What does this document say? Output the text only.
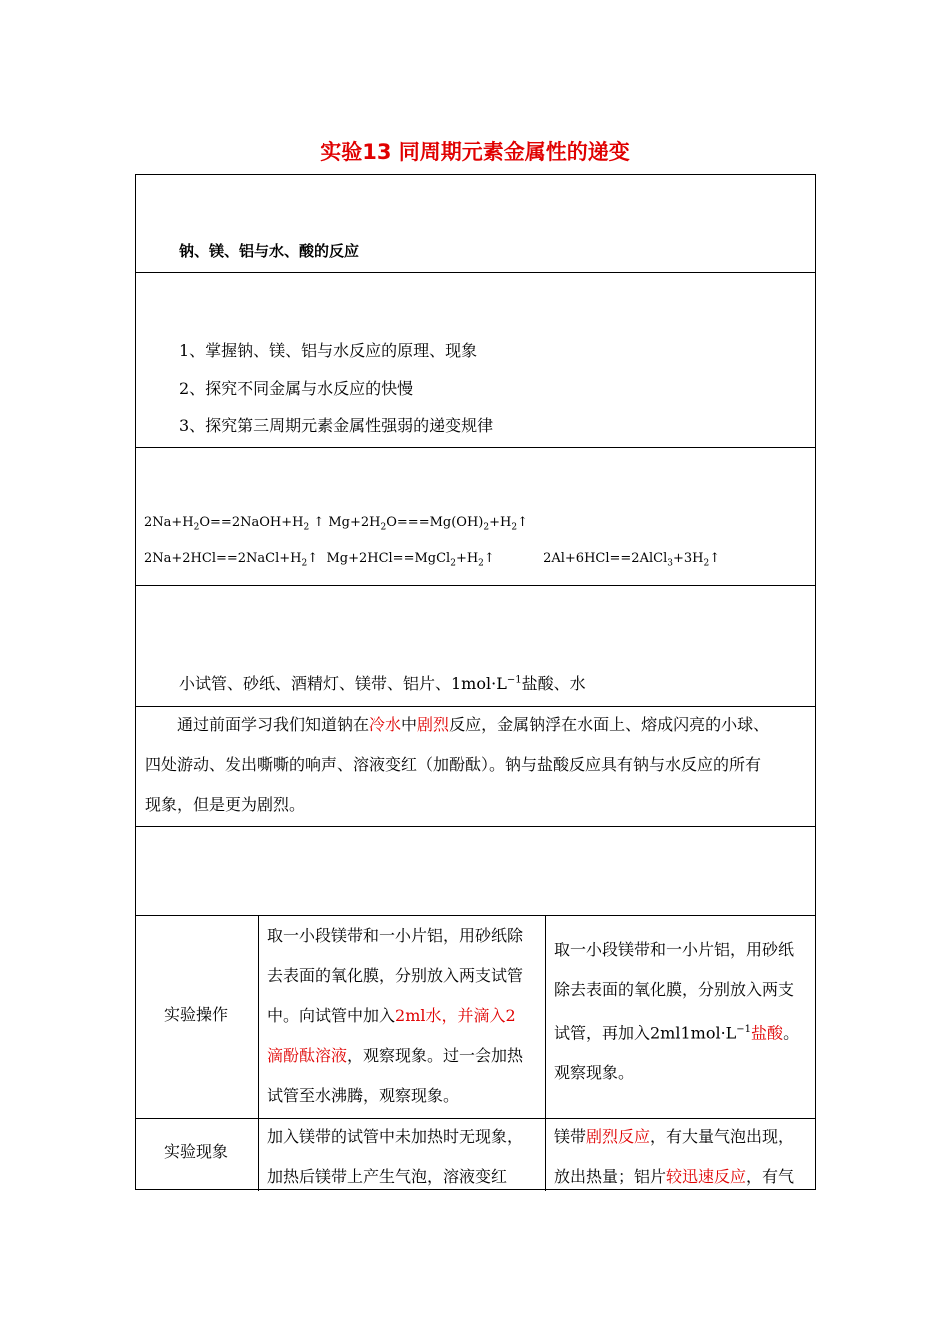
实验13 同周期元素金属性的递变
钠、镁、铝与水、酸的反应
1、掌握钠、镁、铝与水反应的原理、现象
2、探究不同金属与水反应的快慢
3、探究第三周期元素金属性强弱的递变规律
$2Na+H_2O==2NaOH+H_2$ ↑ $Mg+2H_2O===Mg(OH)_2+H_2↑$
$2Na+2HCl==2NaCl+H_2↑$ $Mg+2HCl==MgCl_2+H_2↑$	$2Al+6HCl==2AlCl_3+3H_2↑$
小试管、砂纸、酒精灯、镁带、铝片、$1mol\cdot L^{-1}$盐酸、水
通过前面学习我们知道钠在冷水中剧烈反应，金属钠浮在水面上、熔成闪亮的小球、
四处游动、发出嘶嘶的响声、溶液变红（加酚酞）。钠与盐酸反应具有钠与水反应的所有
现象，但是更为剧烈。
实验操作
取一小段镁带和一小片铝，用砂纸除
去表面的氧化膜，分别放入两支试管
中。向试管中加入2ml水，并滴入2
滴酚酞溶液，观察现象。过一会加热
试管至水沸腾，观察现象。
取一小段镁带和一小片铝，用砂纸
除去表面的氧化膜，分别放入两支
试管，再加入$2ml1mol\cdot L^{-1}$盐酸。
观察现象。
实验现象
加入镁带的试管中未加热时无现象，
加热后镁带上产生气泡，溶液变红
镁带剧烈反应，有大量气泡出现，
放出热量；铝片较迅速反应，有气
